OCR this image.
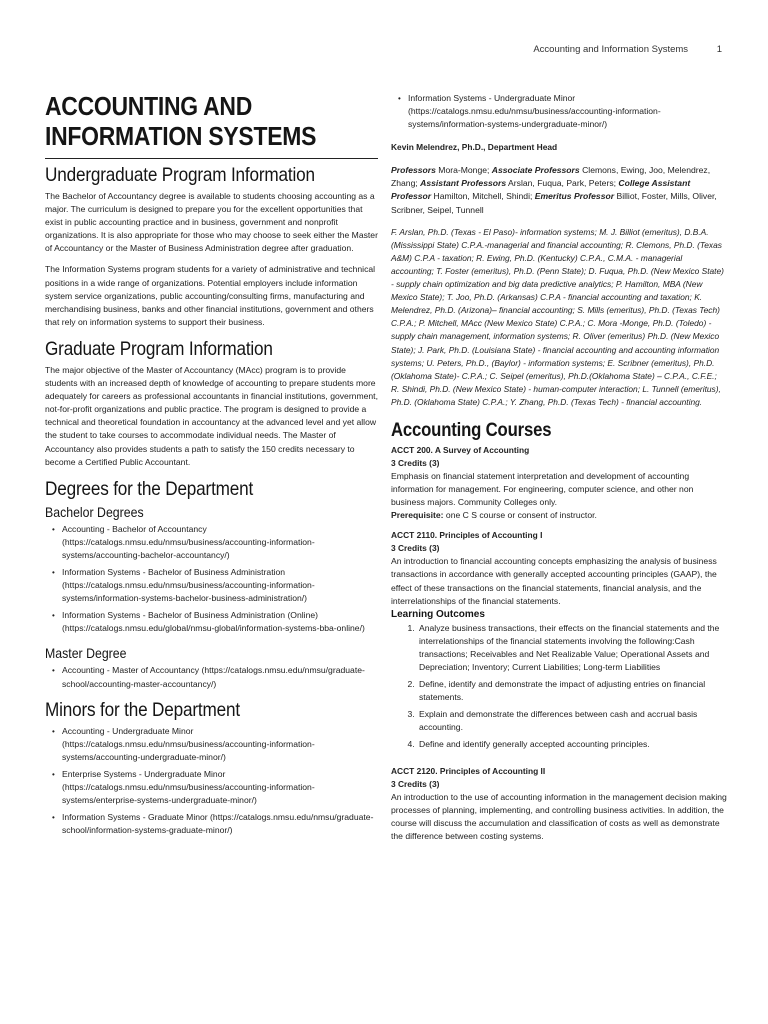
Accounting and Information Systems	1
ACCOUNTING AND
INFORMATION SYSTEMS
Undergraduate Program Information

The Bachelor of Accountancy degree is available to students choosing accounting as a major. The curriculum is designed to prepare you for the excellent opportunities that exist in public accounting practice and in business, government and nonprofit organizations. It is also appropriate for those who may choose to seek either the Master of Accountancy or the Master of Business Administration degree after graduation.

The Information Systems program students for a variety of administrative and technical positions in a wide range of organizations. Potential employers include information system service organizations, public accounting/consulting firms, manufacturing and merchandising business, banks and other financial institutions, government and others that rely on information systems to support their business.

Graduate Program Information

The major objective of the Master of Accountancy (MAcc) program is to provide students with an increased depth of knowledge of accounting to prepare students more adequately for careers as professional accountants in financial institutions, government, not-for-profit organizations and public practice. The program is designed to provide a technical and theoretical foundation in accountancy at the advanced level and yet allow the student to take courses to accommodate individual needs. The Master of Accountancy also provides students a path to satisfy the 150 credits necessary to become a Certified Public Accountant.

Degrees for the Department
Bachelor Degrees
• Accounting - Bachelor of Accountancy (https://catalogs.nmsu.edu/nmsu/business/accounting-information-systems/accounting-bachelor-accountancy/)
• Information Systems - Bachelor of Business Administration (https://catalogs.nmsu.edu/nmsu/business/accounting-information-systems/information-systems-bachelor-business-administration/)
• Information Systems - Bachelor of Business Administration (Online) (https://catalogs.nmsu.edu/global/nmsu-global/information-systems-bba-online/)
Master Degree
• Accounting - Master of Accountancy (https://catalogs.nmsu.edu/nmsu/graduate-school/accounting-master-accountancy/)
Minors for the Department
• Accounting - Undergraduate Minor (https://catalogs.nmsu.edu/nmsu/business/accounting-information-systems/accounting-undergraduate-minor/)
• Enterprise Systems - Undergraduate Minor (https://catalogs.nmsu.edu/nmsu/business/accounting-information-systems/enterprise-systems-undergraduate-minor/)
• Information Systems - Graduate Minor (https://catalogs.nmsu.edu/nmsu/graduate-school/information-systems-graduate-minor/)
• Information Systems - Undergraduate Minor (https://catalogs.nmsu.edu/nmsu/business/accounting-information-systems/information-systems-undergraduate-minor/)
Kevin Melendrez, Ph.D., Department Head
Professors Mora-Monge; Associate Professors Clemons, Ewing, Joo, Melendrez, Zhang; Assistant Professors Arslan, Fuqua, Park, Peters; College Assistant Professor Hamilton, Mitchell, Shindi; Emeritus Professor Billiot, Foster, Mills, Oliver, Scribner, Seipel, Tunnell
F. Arslan, Ph.D. (Texas - El Paso)- information systems; M. J. Billiot (emeritus), D.B.A. (Mississippi State) C.P.A.-managerial and financial accounting; R. Clemons, Ph.D. (Texas A&M) C.P.A - taxation; R. Ewing, Ph.D. (Kentucky) C.P.A., C.M.A. - managerial accounting; T. Foster (emeritus), Ph.D. (Penn State); D. Fuqua, Ph.D. (New Mexico State) - supply chain optimization and big data predictive analytics; P. Hamilton, MBA (New Mexico State); T. Joo, Ph.D. (Arkansas) C.P.A - financial accounting and taxation; K. Melendrez, Ph.D. (Arizona)– financial accounting; S. Mills (emeritus), Ph.D. (Texas Tech) C.P.A.; P. Mitchell, MAcc (New Mexico State) C.P.A.; C. Mora -Monge, Ph.D. (Toledo) - supply chain management, information systems; R. Oliver (emeritus) Ph.D. (New Mexico State); J. Park, Ph.D. (Louisiana State) - financial accounting and accounting information systems; U. Peters, Ph.D., (Baylor) - information systems; E. Scribner (emeritus), Ph.D.(Oklahoma State)- C.P.A.; C. Seipel (emeritus), Ph.D.(Oklahoma State) – C.P.A., C.F.E.; R. Shindi, Ph.D. (New Mexico State) - human-computer interaction; L. Tunnell (emeritus), Ph.D. (Oklahoma State) C.P.A.; Y. Zhang, Ph.D. (Texas Tech) - financial accounting.
Accounting Courses
ACCT 200. A Survey of Accounting
3 Credits (3)

Emphasis on financial statement interpretation and development of accounting information for management. For engineering, computer science, and other non business majors. Community Colleges only.

Prerequisite: one C S course or consent of instructor.

ACCT 2110. Principles of Accounting I
3 Credits (3)

An introduction to financial accounting concepts emphasizing the analysis of business transactions in accordance with generally accepted accounting principles (GAAP), the effect of these transactions on the financial statements, financial analysis, and the interrelationships of the financial statements.

Learning Outcomes
1. Analyze business transactions, their effects on the financial statements and the interrelationships of the financial statements involving the following:Cash transactions; Receivables and Net Realizable Value; Operational Assets and Depreciation; Inventory; Current Liabilities; Long-term Liabilities
2. Define, identify and demonstrate the impact of adjusting entries on financial statements.
3. Explain and demonstrate the differences between cash and accrual basis accounting.
4. Define and identify generally accepted accounting principles.
ACCT 2120. Principles of Accounting II
3 Credits (3)

An introduction to the use of accounting information in the management decision making processes of planning, implementing, and controlling business activities. In addition, the course will discuss the accumulation and classification of costs as well as demonstrate the difference between costing systems.
